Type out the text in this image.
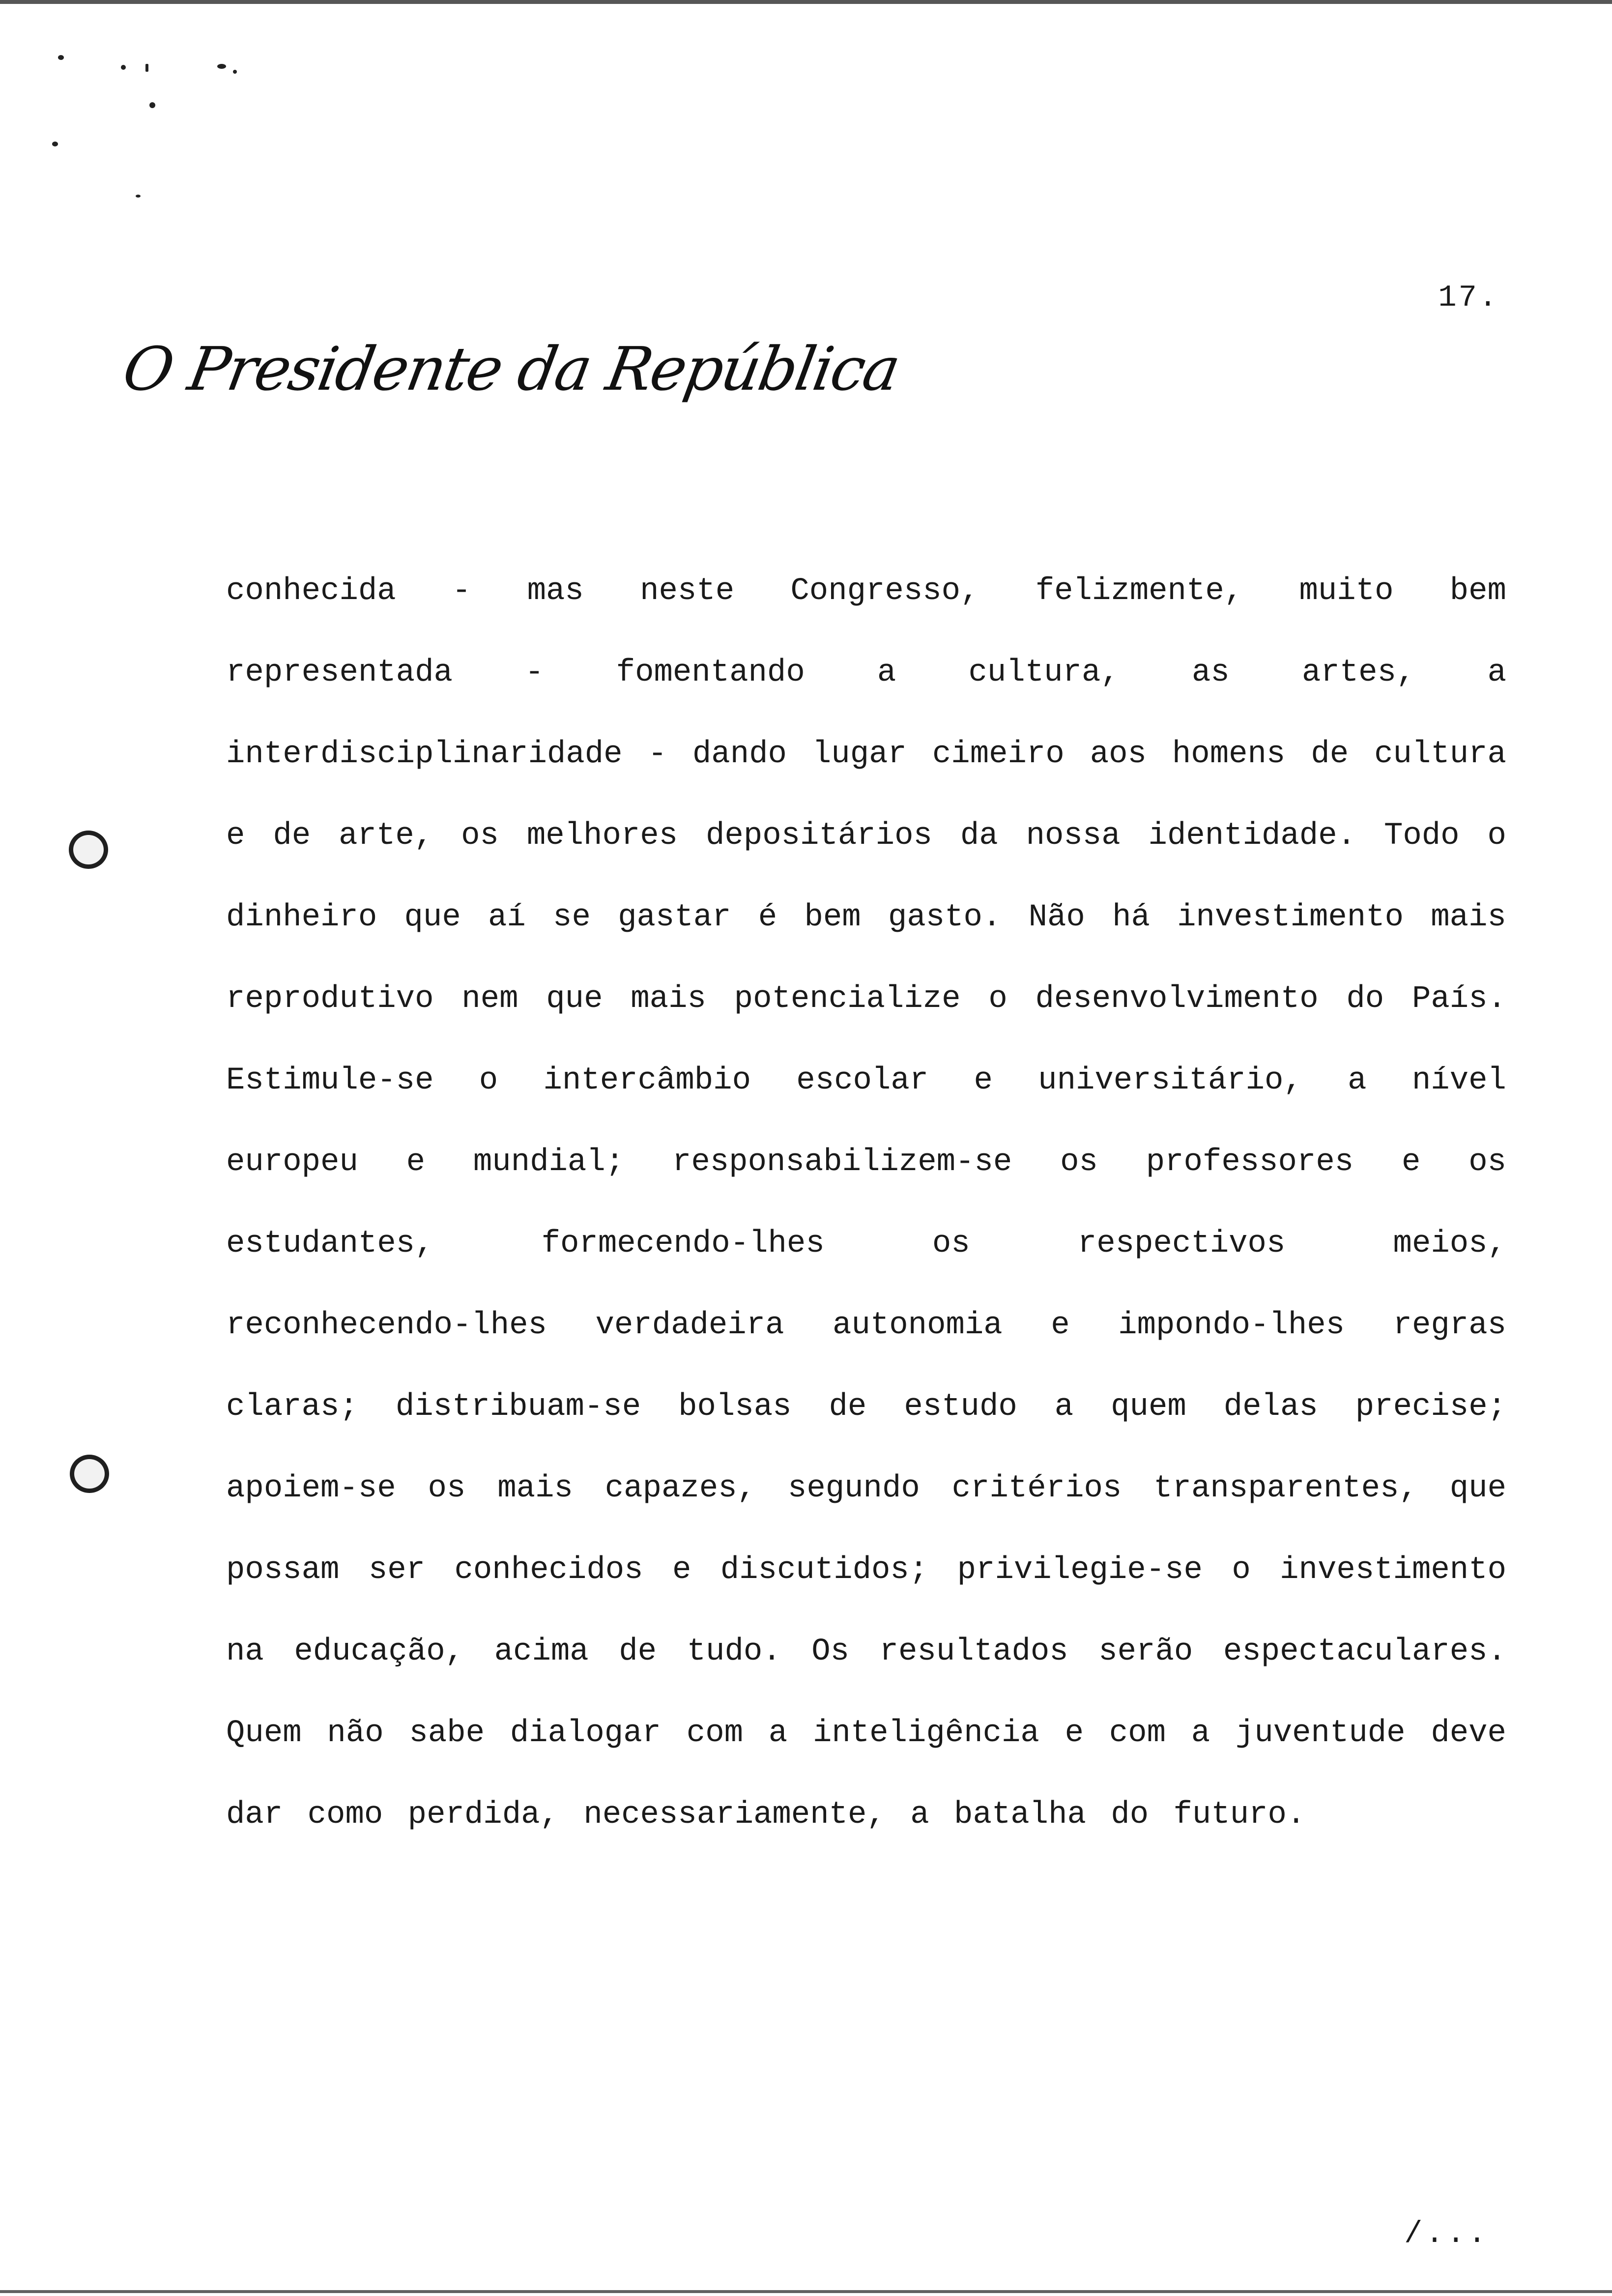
17.
O Presidente da República
conhecida - mas neste Congresso, felizmente, muito bem
representada - fomentando a cultura, as artes, a
interdisciplinaridade - dando lugar cimeiro aos homens de cultura
e de arte, os melhores depositários da nossa identidade. Todo o
dinheiro que aí se gastar é bem gasto. Não há investimento mais
reprodutivo nem que mais potencialize o desenvolvimento do País.
Estimule-se o intercâmbio escolar e universitário, a nível
europeu e mundial; responsabilizem-se os professores e os
estudantes,	formecendo-lhes	os	respectivos	meios,
reconhecendo-lhes verdadeira autonomia e impondo-lhes regras
claras; distribuam-se bolsas de estudo a quem delas precise;
apoiem-se os mais capazes, segundo critérios transparentes, que
possam ser conhecidos e discutidos; privilegie-se o investimento
na educação, acima de tudo. Os resultados serão espectaculares.
Quem não sabe dialogar com a inteligência e com a juventude deve
dar
como
perdida,
necessariamente,
a
batalha
do
futuro.
/...
